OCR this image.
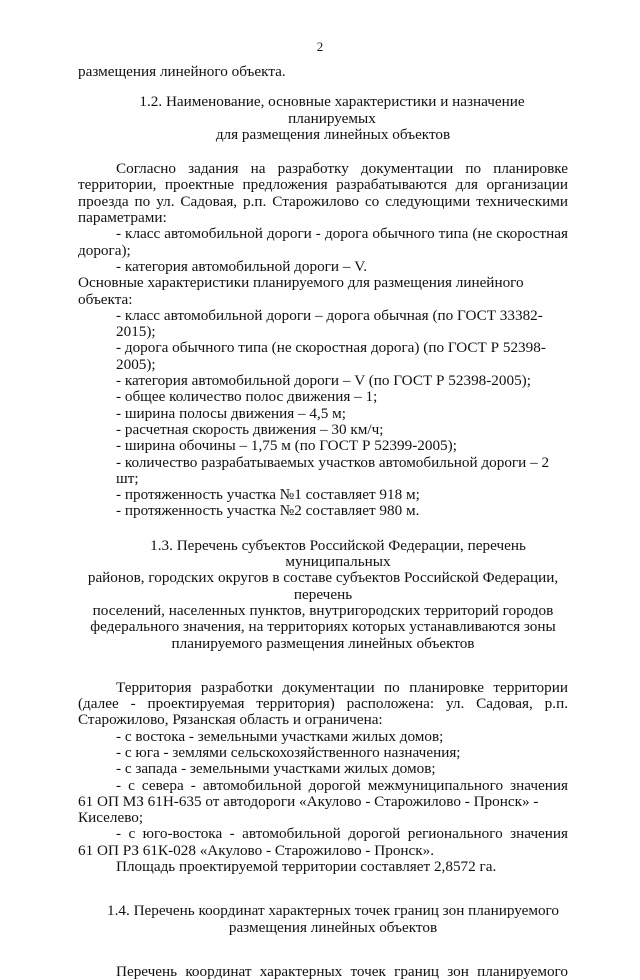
2

размещения линейного объекта.

1.2. Наименование, основные характеристики и назначение планируемых

для размещения линейных объектов

Согласно задания на разработку документации по планировке территории, проектные предложения разрабатываются для организации проезда по ул. Садовая, р.п. Старожилово со следующими техническими параметрами:

- класс автомобильной дороги - дорога обычного типа (не скоростная дорога);

- категория автомобильной дороги – V.

Основные характеристики планируемого для размещения линейного объекта:

- класс автомобильной дороги – дорога обычная (по ГОСТ 33382-2015);

- дорога обычного типа (не скоростная дорога) (по ГОСТ Р 52398-2005);

- категория автомобильной дороги – V (по ГОСТ Р 52398-2005);

- общее количество полос движения – 1;

- ширина полосы движения – 4,5 м;

- расчетная скорость движения – 30 км/ч;

- ширина обочины – 1,75 м (по ГОСТ Р 52399-2005);

- количество разрабатываемых участков автомобильной дороги – 2 шт;

- протяженность участка №1 составляет 918 м;

- протяженность участка №2 составляет 980 м.

1.3. Перечень субъектов Российской Федерации, перечень муниципальных

районов, городских округов в составе субъектов Российской Федерации, перечень

поселений, населенных пунктов, внутригородских территорий городов

федерального значения, на территориях которых устанавливаются зоны

планируемого размещения линейных объектов

Территория разработки документации по планировке территории (далее - проектируемая территория) расположена: ул. Садовая, р.п. Старожилово, Рязанская область и ограничена:

- с востока - земельными участками жилых домов;

- с юга - землями сельскохозяйственного назначения;

- с запада - земельными участками жилых домов;

- с севера - автомобильной дорогой межмуниципального значения

61 ОП МЗ 61Н-635 от автодороги «Акулово - Старожилово - Пронск» - Киселево;

- с юго-востока - автомобильной дорогой регионального значения

61 ОП РЗ 61К-028 «Акулово - Старожилово - Пронск».

Площадь проектируемой территории составляет 2,8572 га.

1.4. Перечень координат характерных точек границ зон планируемого

размещения линейных объектов

Перечень координат характерных точек границ зон планируемого
